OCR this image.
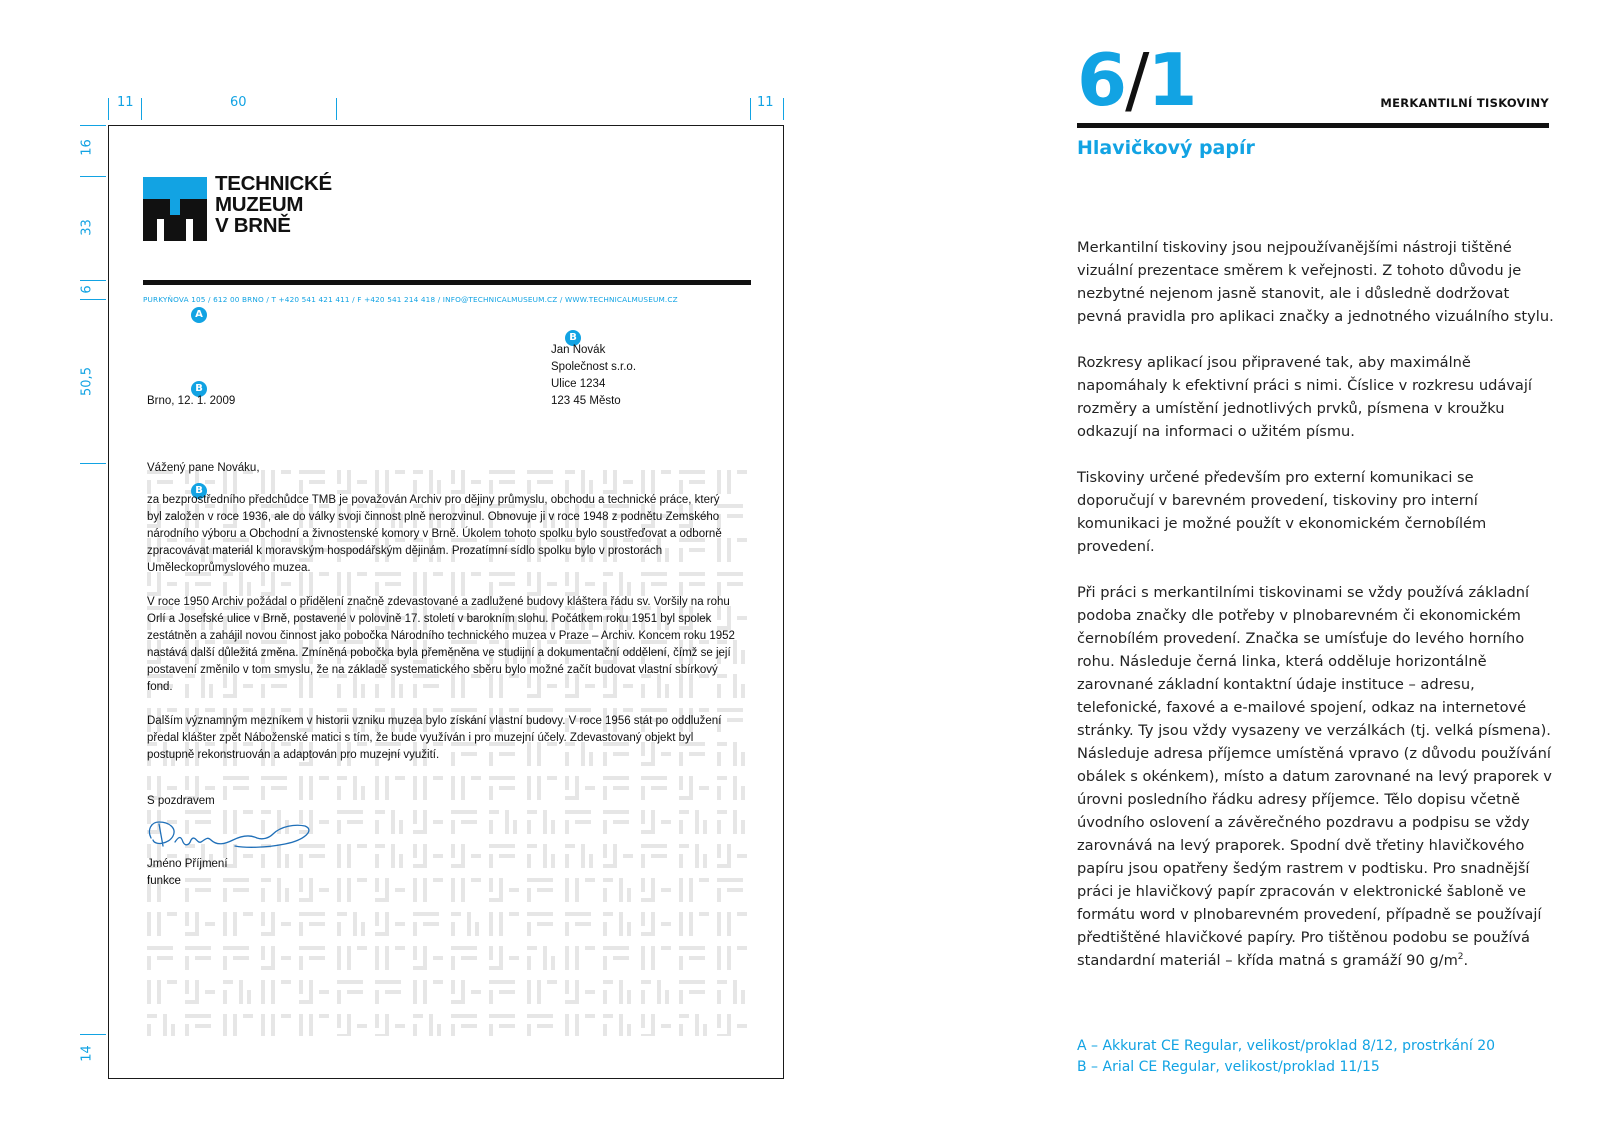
11	60	11
16
33
6
50,5
14
TECHNICKÉ
MUZEUM
V BRNĚ
PURKYŇOVA 105 / 612 00 BRNO / T +420 541 421 411 / F +420 541 214 418 / INFO@TECHNICALMUSEUM.CZ / WWW.TECHNICALMUSEUM.CZ
A
B
B
B
Jan Novák
Společnost s.r.o.
Ulice 1234
123 45 Město
Brno, 12. 1. 2009
Vážený pane Nováku,

za bezprostředního předchůdce TMB je považován Archiv pro dějiny průmyslu, obchodu a technické práce, který byl založen v roce 1936, ale do války svoji činnost plně nerozvinul. Obnovuje ji v roce 1948 z podnětu Zemského národního výboru a Obchodní a živnostenské komory v Brně. Úkolem tohoto spolku bylo soustřeďovat a odborně zpracovávat materiál k moravským hospodářským dějinám. Prozatímní sídlo spolku bylo v prostorách Uměleckoprůmyslového muzea.

V roce 1950 Archiv požádal o přidělení značně zdevastované a zadlužené budovy kláštera řádu sv. Voršily na rohu Orlí a Josefské ulice v Brně, postavené v polovině 17. století v barokním slohu. Počátkem roku 1951 byl spolek zestátněn a zahájil novou činnost jako pobočka Národního technického muzea v Praze – Archiv. Koncem roku 1952 nastává další důležitá změna. Zmíněná pobočka byla přeměněna ve studijní a dokumentační oddělení, čímž se její postavení změnilo v tom smyslu, že na základě systematického sběru bylo možné začít budovat vlastní sbírkový fond.

Dalším významným mezníkem v historii vzniku muzea bylo získání vlastní budovy. V roce 1956 stát po oddlužení předal klášter zpět Náboženské matici s tím, že bude využíván i pro muzejní účely. Zdevastovaný objekt byl postupně rekonstruován a adaptován pro muzejní využití.

S pozdravem
Jméno Příjmení
funkce
6/1	MERKANTILNÍ TISKOVINY
Hlavičkový papír

Merkantilní tiskoviny jsou nejpoužívanějšími nástroji tištěné vizuální prezentace směrem k veřejnosti. Z tohoto důvodu je nezbytné nejenom jasně stanovit, ale i důsledně dodržovat pevná pravidla pro aplikaci značky a jednotného vizuálního stylu.

Rozkresy aplikací jsou připravené tak, aby maximálně napomáhaly k efektivní práci s nimi. Číslice v rozkresu udávají rozměry a umístění jednotlivých prvků, písmena v kroužku odkazují na informaci o užitém písmu.

Tiskoviny určené především pro externí komunikaci se doporučují v barevném provedení, tiskoviny pro interní komunikaci je možné použít v ekonomickém černobílém provedení.

Při práci s merkantilními tiskovinami se vždy používá základní podoba značky dle potřeby v plnobarevném či ekonomickém černobílém provedení. Značka se umísťuje do levého horního rohu. Následuje černá linka, která odděluje horizontálně zarovnané základní kontaktní údaje instituce – adresu, telefonické, faxové a e-mailové spojení, odkaz na internetové stránky. Ty jsou vždy vysazeny ve verzálkách (tj. velká písmena). Následuje adresa příjemce umístěná vpravo (z důvodu používání obálek s okénkem), místo a datum zarovnané na levý praporek v úrovni posledního řádku adresy příjemce. Tělo dopisu včetně úvodního oslovení a závěrečného pozdravu a podpisu se vždy zarovnává na levý praporek. Spodní dvě třetiny hlavičkového papíru jsou opatřeny šedým rastrem v podtisku. Pro snadnější práci je hlavičkový papír zpracován v elektronické šabloně ve formátu word v plnobarevném provedení, případně se používají předtištěné hlavičkové papíry. Pro tištěnou podobu se používá standardní materiál – křída matná s gramáží 90 $g/m^2$.

A – Akkurat CE Regular, velikost/proklad 8/12, prostrkání 20
B – Arial CE Regular, velikost/proklad 11/15
